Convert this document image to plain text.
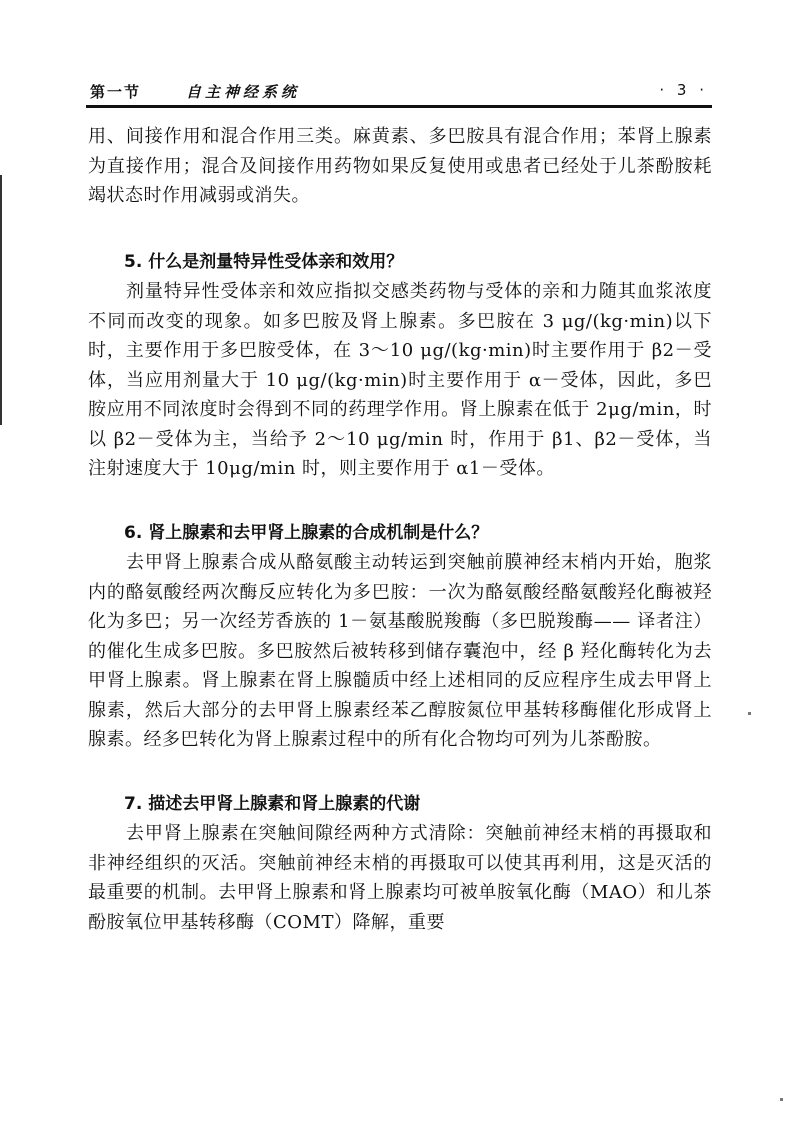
第一节	自主神经系统	· 3 ·

用、间接作用和混合作用三类。麻黄素、多巴胺具有混合作用；苯肾上腺素为直接作用；混合及间接作用药物如果反复使用或患者已经处于儿茶酚胺耗竭状态时作用减弱或消失。

5. 什么是剂量特异性受体亲和效用？

剂量特异性受体亲和效应指拟交感类药物与受体的亲和力随其血浆浓度不同而改变的现象。如多巴胺及肾上腺素。多巴胺在 3 μg/(kg·min)以下时，主要作用于多巴胺受体，在 3～10 μg/(kg·min)时主要作用于 β2－受体，当应用剂量大于 10 μg/(kg·min)时主要作用于 α－受体，因此，多巴胺应用不同浓度时会得到不同的药理学作用。肾上腺素在低于 2μg/min，时以 β2－受体为主，当给予 2～10 μg/min 时，作用于 β1、β2－受体，当注射速度大于 10μg/min 时，则主要作用于 α1－受体。

6. 肾上腺素和去甲肾上腺素的合成机制是什么？

去甲肾上腺素合成从酪氨酸主动转运到突触前膜神经末梢内开始，胞浆内的酪氨酸经两次酶反应转化为多巴胺：一次为酪氨酸经酪氨酸羟化酶被羟化为多巴；另一次经芳香族的 1－氨基酸脱羧酶（多巴脱羧酶—— 译者注）的催化生成多巴胺。多巴胺然后被转移到储存囊泡中，经 β 羟化酶转化为去甲肾上腺素。肾上腺素在肾上腺髓质中经上述相同的反应程序生成去甲肾上腺素，然后大部分的去甲肾上腺素经苯乙醇胺氮位甲基转移酶催化形成肾上腺素。经多巴转化为肾上腺素过程中的所有化合物均可列为儿茶酚胺。

7. 描述去甲肾上腺素和肾上腺素的代谢

去甲肾上腺素在突触间隙经两种方式清除：突触前神经末梢的再摄取和非神经组织的灭活。突触前神经末梢的再摄取可以使其再利用，这是灭活的最重要的机制。去甲肾上腺素和肾上腺素均可被单胺氧化酶（MAO）和儿茶酚胺氧位甲基转移酶（COMT）降解，重要
